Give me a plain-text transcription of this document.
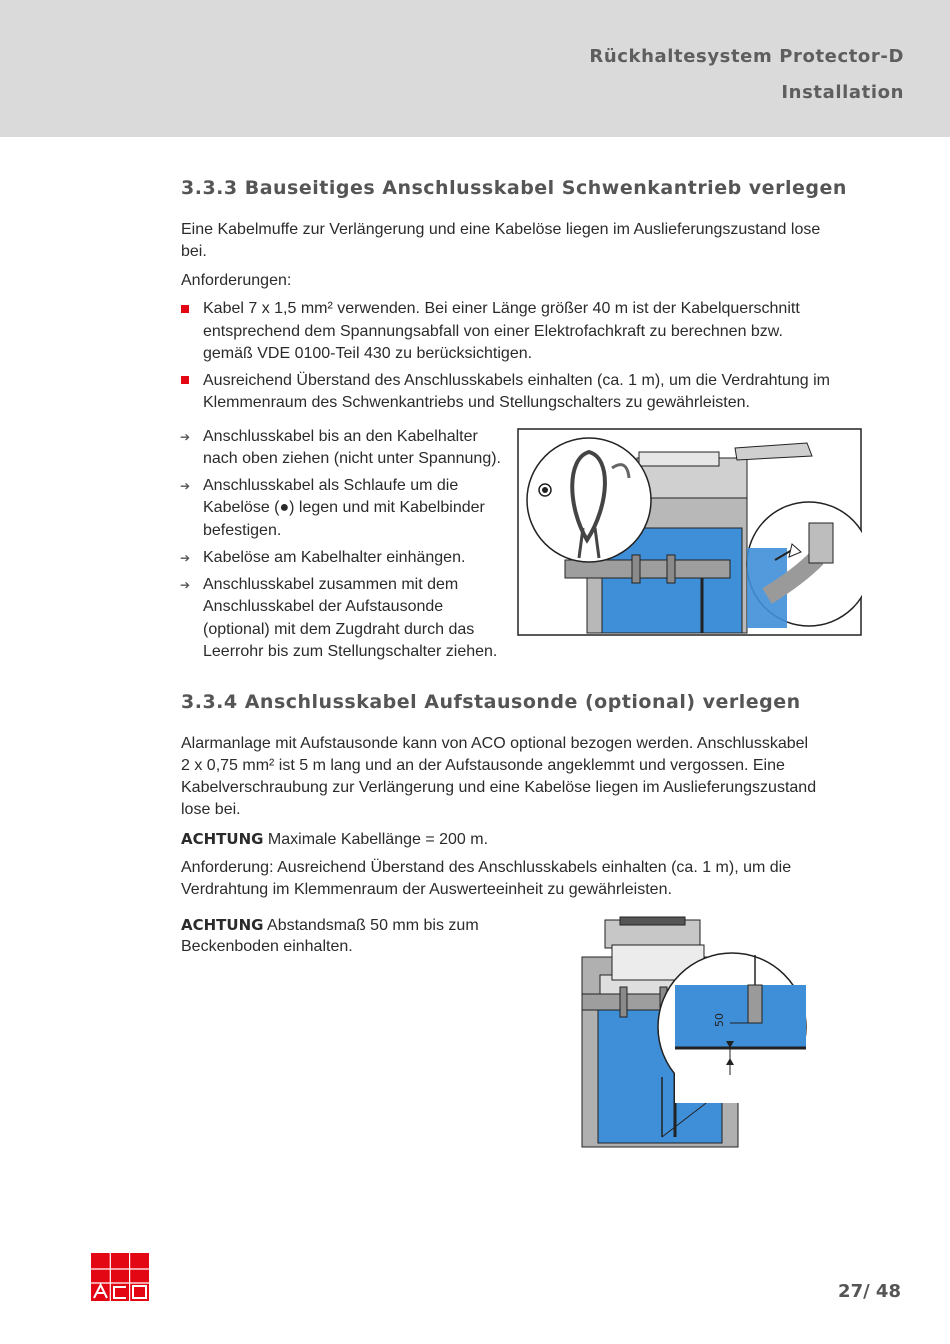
Rückhaltesystem Protector-D
Installation
3.3.3 Bauseitiges Anschlusskabel Schwenkantrieb verlegen
Eine Kabelmuffe zur Verlängerung und eine Kabelöse liegen im Auslieferungszustand lose
bei.
Anforderungen:
Kabel 7 x 1,5 mm² verwenden. Bei einer Länge größer 40 m ist der Kabelquerschnitt
entsprechend dem Spannungsabfall von einer Elektrofachkraft zu berechnen bzw.
gemäß VDE 0100-Teil 430 zu berücksichtigen.
Ausreichend Überstand des Anschlusskabels einhalten (ca. 1 m), um die Verdrahtung im
Klemmenraum des Schwenkantriebs und Stellungschalters zu gewährleisten.
➔ Anschlusskabel bis an den Kabelhalter
nach oben ziehen (nicht unter Spannung).
➔ Anschlusskabel als Schlaufe um die
Kabelöse (●) legen und mit Kabelbinder
befestigen.
➔ Kabelöse am Kabelhalter einhängen.
➔ Anschlusskabel zusammen mit dem
Anschlusskabel der Aufstausonde
(optional) mit dem Zugdraht durch das
Leerrohr bis zum Stellungschalter ziehen.
3.3.4 Anschlusskabel Aufstausonde (optional) verlegen
Alarmanlage mit Aufstausonde kann von ACO optional bezogen werden. Anschlusskabel
2 x 0,75 mm² ist 5 m lang und an der Aufstausonde angeklemmt und vergossen. Eine
Kabelverschraubung zur Verlängerung und eine Kabelöse liegen im Auslieferungszustand
lose bei.
ACHTUNG Maximale Kabellänge = 200 m.
Anforderung: Ausreichend Überstand des Anschlusskabels einhalten (ca. 1 m), um die
Verdrahtung im Klemmenraum der Auswerteeinheit zu gewährleisten.
ACHTUNG Abstandsmaß 50 mm bis zum
Beckenboden einhalten.
50
27/ 48
